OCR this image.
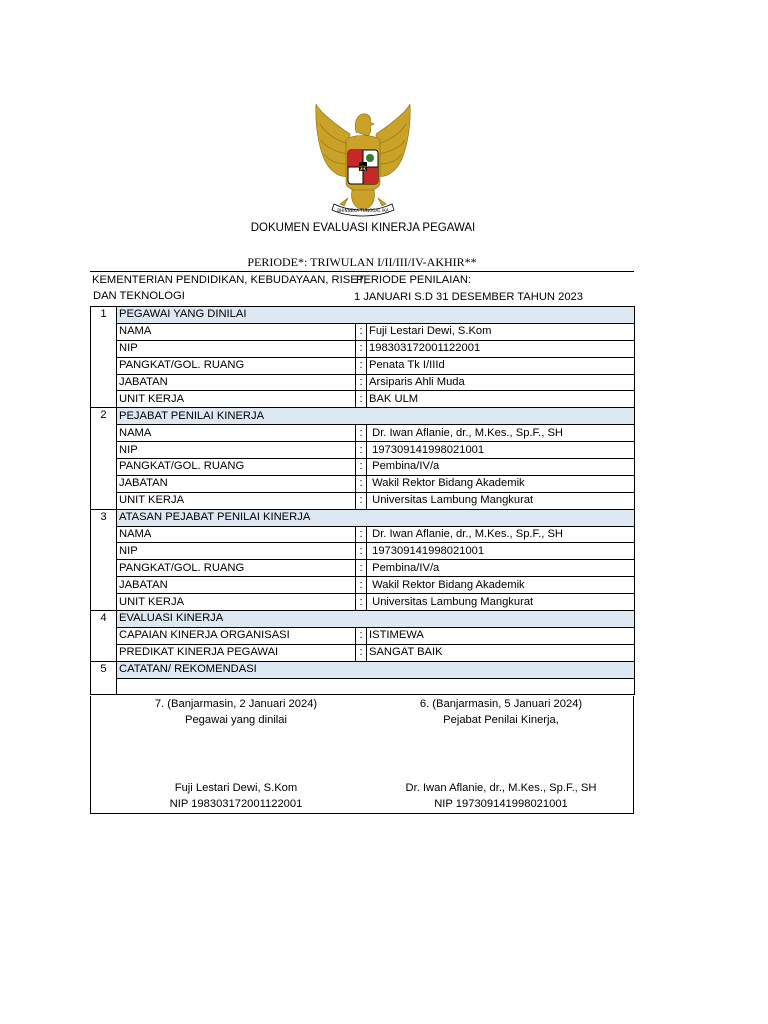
BHINNEKA TUNGGAL IKA
DOKUMEN EVALUASI KINERJA PEGAWAI
PERIODE*: TRIWULAN I/II/III/IV-AKHIR**
KEMENTERIAN PENDIDIKAN, KEBUDAYAAN, RISET,
PERIODE PENILAIAN:
DAN TEKNOLOGI	1 JANUARI S.D 31 DESEMBER TAHUN 2023
1	PEGAWAI YANG DINILAI		
	NAMA	:	Fuji Lestari Dewi, S.Kom
	NIP	:	198303172001122001
	PANGKAT/GOL. RUANG	:	Penata Tk I/IIId
	JABATAN	:	Arsiparis Ahli Muda
	UNIT KERJA	:	BAK ULM
2	PEJABAT PENILAI KINERJA		
	NAMA	:	Dr. Iwan Aflanie, dr., M.Kes., Sp.F., SH
	NIP	:	197309141998021001
	PANGKAT/GOL. RUANG	:	Pembina/IV/a
	JABATAN	:	Wakil Rektor Bidang Akademik
	UNIT KERJA	:	Universitas Lambung Mangkurat
3	ATASAN PEJABAT PENILAI KINERJA		
	NAMA	:	Dr. Iwan Aflanie, dr., M.Kes., Sp.F., SH
	NIP	:	197309141998021001
	PANGKAT/GOL. RUANG	:	Pembina/IV/a
	JABATAN	:	Wakil Rektor Bidang Akademik
	UNIT KERJA	:	Universitas Lambung Mangkurat
4	EVALUASI KINERJA		
	CAPAIAN KINERJA ORGANISASI	:	ISTIMEWA
	PREDIKAT KINERJA PEGAWAI	:	SANGAT BAIK
5	CATATAN/ REKOMENDASI		

7. (Banjarmasin, 2 Januari 2024)
Pegawai yang dinilai
Fuji Lestari Dewi, S.Kom
NIP 198303172001122001
6. (Banjarmasin, 5 Januari 2024)
Pejabat Penilai Kinerja,
Dr. Iwan Aflanie, dr., M.Kes., Sp.F., SH
NIP 197309141998021001
